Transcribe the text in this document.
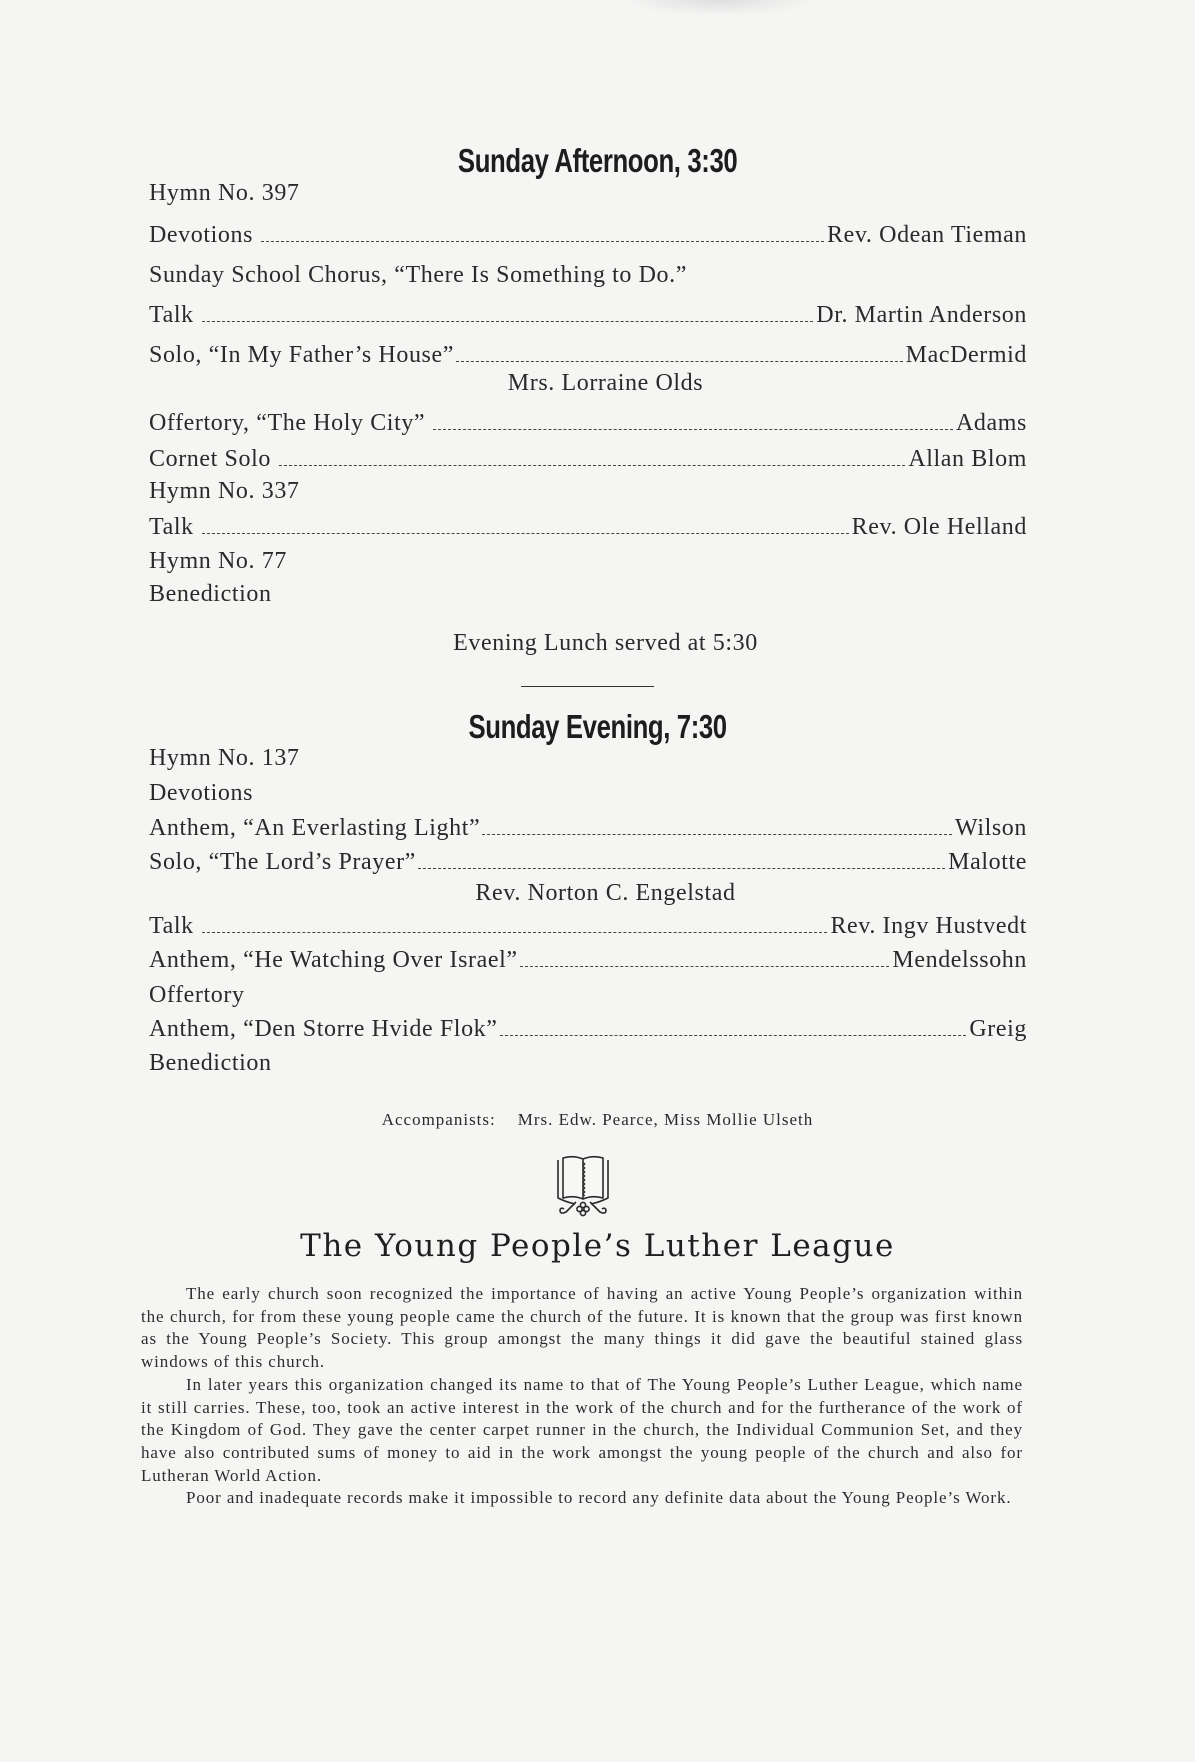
Sunday Afternoon, 3:30
Hymn No. 397
Devotions	Rev. Odean Tieman
Sunday School Chorus, “There Is Something to Do.”
Talk	Dr. Martin Anderson
Solo, “In My Father’s House”	MacDermid
Mrs. Lorraine Olds
Offertory, “The Holy City”	Adams
Cornet Solo	Allan Blom
Hymn No. 337
Talk	Rev. Ole Helland
Hymn No. 77
Benediction
Evening Lunch served at 5:30
Sunday Evening, 7:30
Hymn No. 137
Devotions
Anthem, “An Everlasting Light”	Wilson
Solo, “The Lord’s Prayer”	Malotte
Rev. Norton C. Engelstad
Talk	Rev. Ingv Hustvedt
Anthem, “He Watching Over Israel”	Mendelssohn
Offertory
Anthem, “Den Storre Hvide Flok”	Greig
Benediction
Accompanists: Mrs. Edw. Pearce, Miss Mollie Ulseth
The Young People’s Luther League

The early church soon recognized the importance of having an active Young People’s organization within the church, for from these young people came the church of the future. It is known that the group was first known as the Young People’s Society. This group amongst the many things it did gave the beautiful stained glass windows of this church.

In later years this organization changed its name to that of The Young People’s Luther League, which name it still carries. These, too, took an active interest in the work of the church and for the furtherance of the work of the Kingdom of God. They gave the center carpet runner in the church, the Individual Communion Set, and they have also contributed sums of money to aid in the work amongst the young people of the church and also for Lutheran World Action.

Poor and inadequate records make it impossible to record any definite data about the Young People’s Work.
